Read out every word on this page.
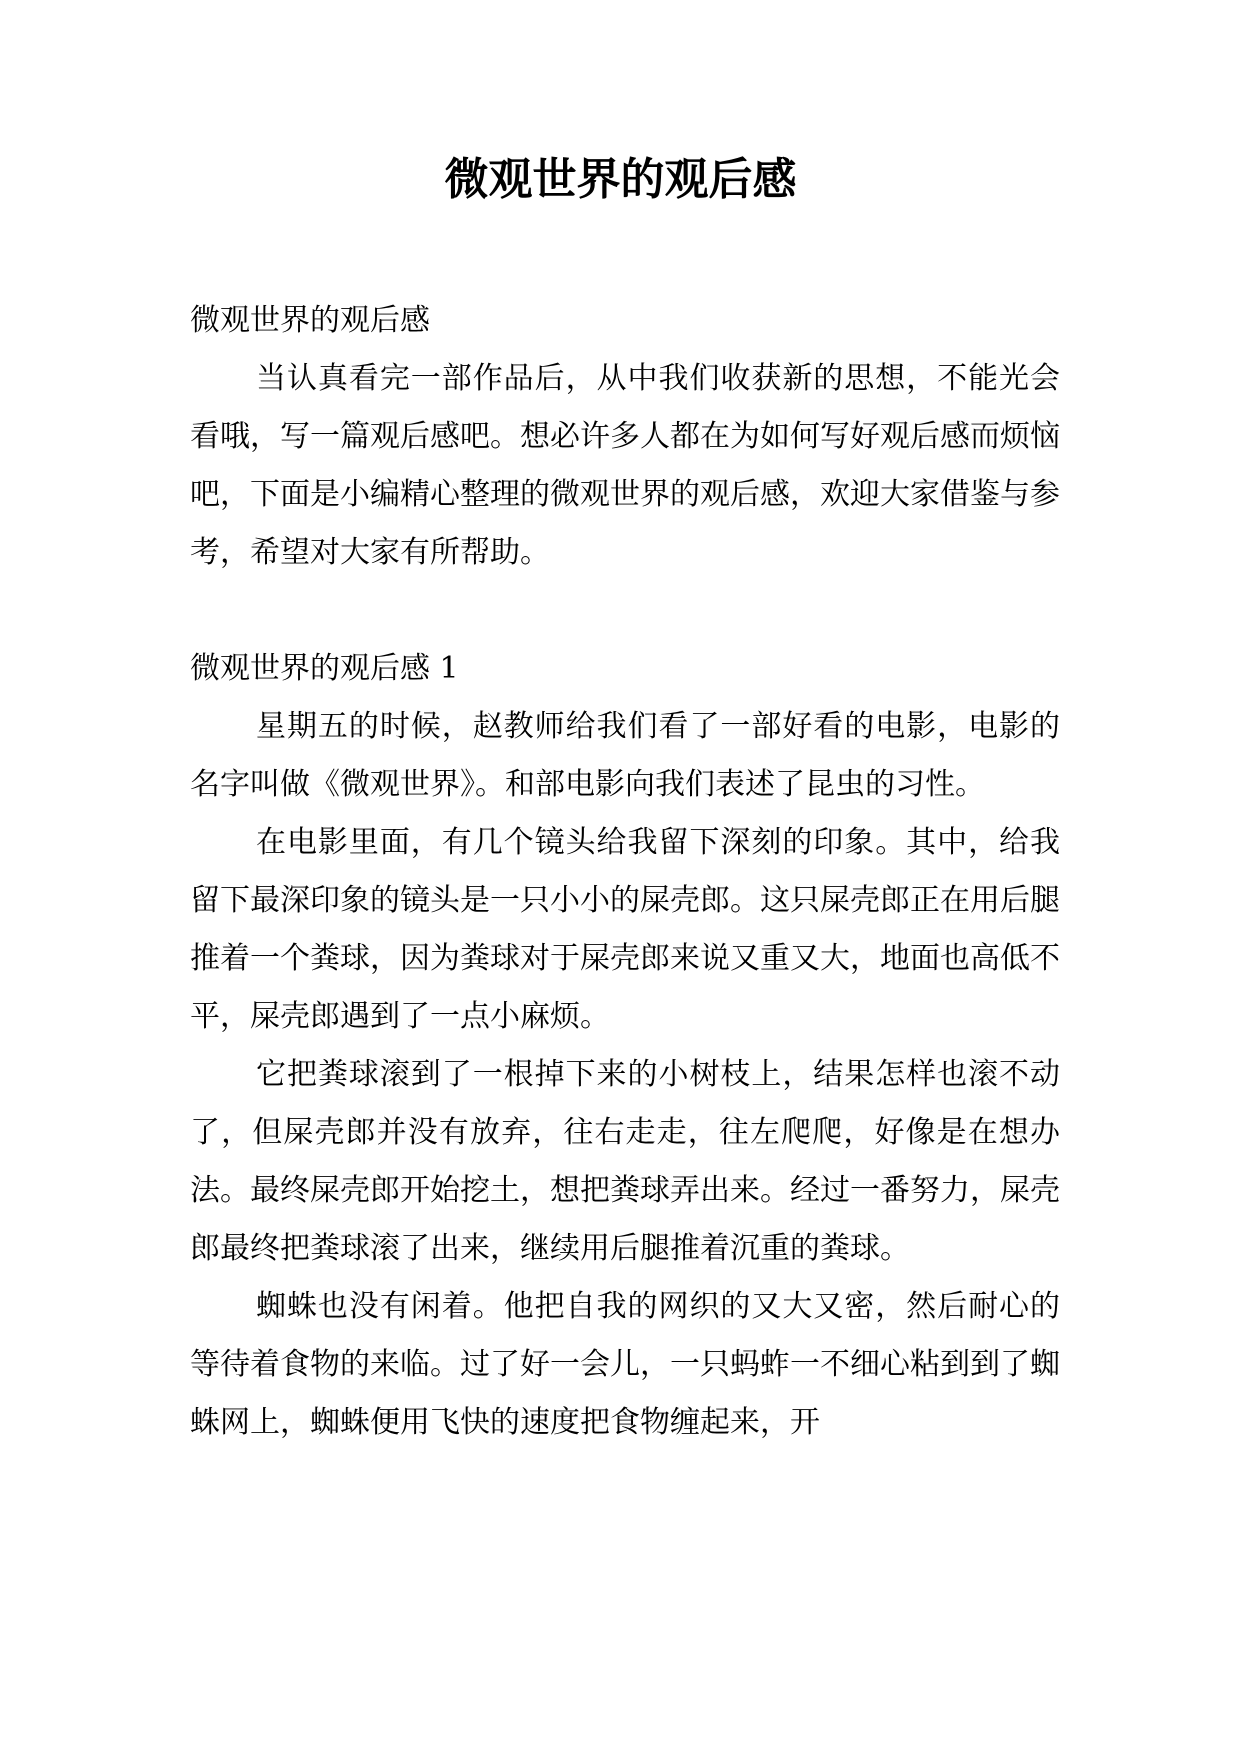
微观世界的观后感

微观世界的观后感

当认真看完一部作品后，从中我们收获新的思想，不能光会看哦，写一篇观后感吧。想必许多人都在为如何写好观后感而烦恼吧，下面是小编精心整理的微观世界的观后感，欢迎大家借鉴与参考，希望对大家有所帮助。

微观世界的观后感 1

星期五的时候，赵教师给我们看了一部好看的电影，电影的名字叫做《微观世界》。和部电影向我们表述了昆虫的习性。

在电影里面，有几个镜头给我留下深刻的印象。其中，给我留下最深印象的镜头是一只小小的屎壳郎。这只屎壳郎正在用后腿推着一个粪球，因为粪球对于屎壳郎来说又重又大，地面也高低不平，屎壳郎遇到了一点小麻烦。

它把粪球滚到了一根掉下来的小树枝上，结果怎样也滚不动了，但屎壳郎并没有放弃，往右走走，往左爬爬，好像是在想办法。最终屎壳郎开始挖土，想把粪球弄出来。经过一番努力，屎壳郎最终把粪球滚了出来，继续用后腿推着沉重的粪球。

蜘蛛也没有闲着。他把自我的网织的又大又密，然后耐心的等待着食物的来临。过了好一会儿，一只蚂蚱一不细心粘到到了蜘蛛网上，蜘蛛便用飞快的速度把食物缠起来，开
